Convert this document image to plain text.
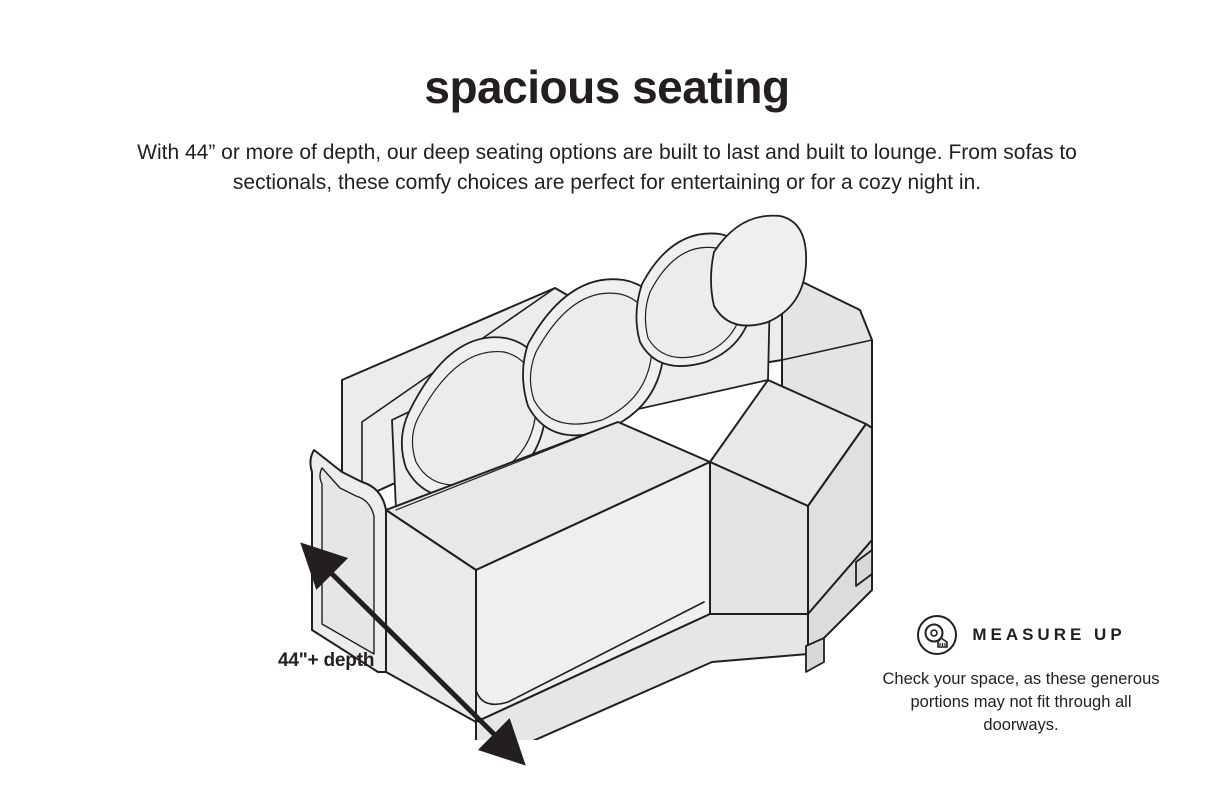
spacious seating
With 44” or more of depth, our deep seating options are built to last and built to lounge. From sofas to sectionals, these comfy choices are perfect for entertaining or for a cozy night in.
44"+ depth
MEASURE UP
Check your space, as these generous portions may not fit through all doorways.
